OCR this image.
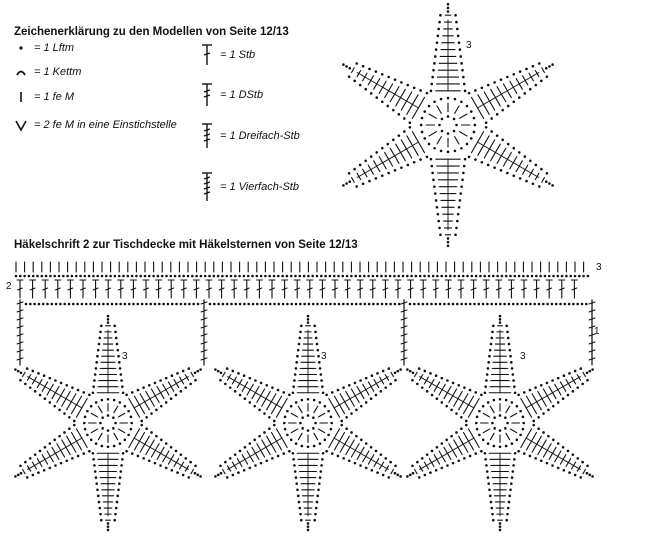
Zeichenerklärung zu den Modellen von Seite 12/13
Häkelschrift 2 zur Tischdecke mit Häkelsternen von Seite 12/13
= 1 Lftm
= 1 Kettm
= 1 fe M
= 2 fe M in eine Einstichstelle
= 1 Stb
= 1 DStb
= 1 Dreifach-Stb
= 1 Vierfach-Stb
3
3	3	3
3
2
1
